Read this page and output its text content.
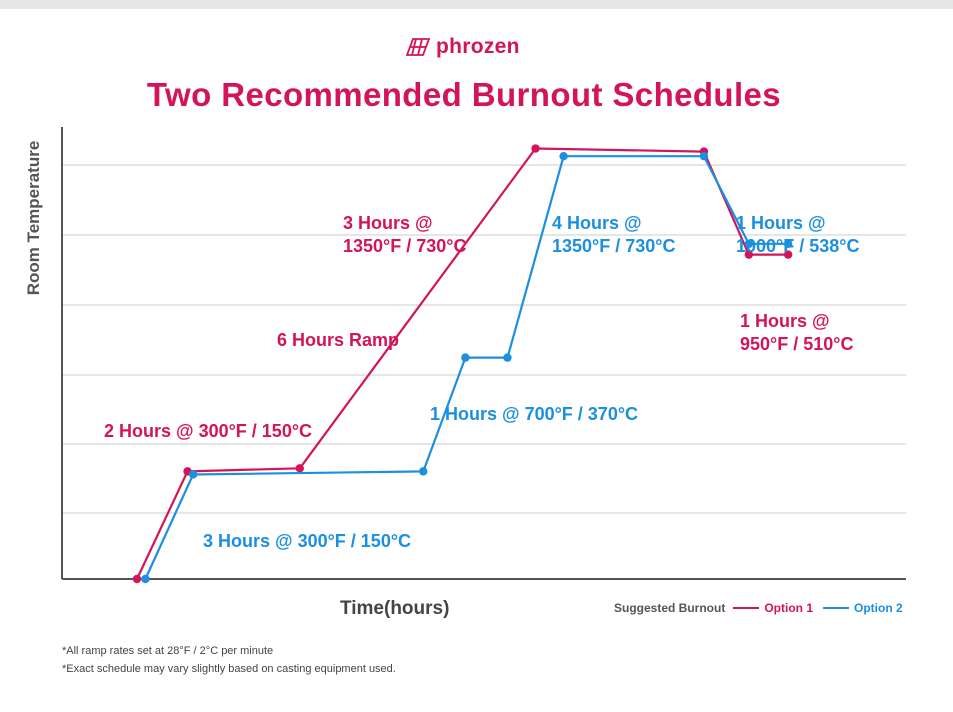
phrozen
Two Recommended Burnout Schedules
2 Hours @ 300°F / 150°C
6 Hours Ramp
3 Hours @ 1350°F / 730°C
1 Hours @ 950°F / 510°C
3 Hours @ 300°F / 150°C
1 Hours @ 700°F / 370°C
4 Hours @ 1350°F / 730°C
1 Hours @ 1000°F / 538°C
Room Temperature
Time(hours)	Suggested Burnout	Option 1	Option 2
*All ramp rates set at 28°F / 2°C per minute
*Exact schedule may vary slightly based on casting equipment used.
